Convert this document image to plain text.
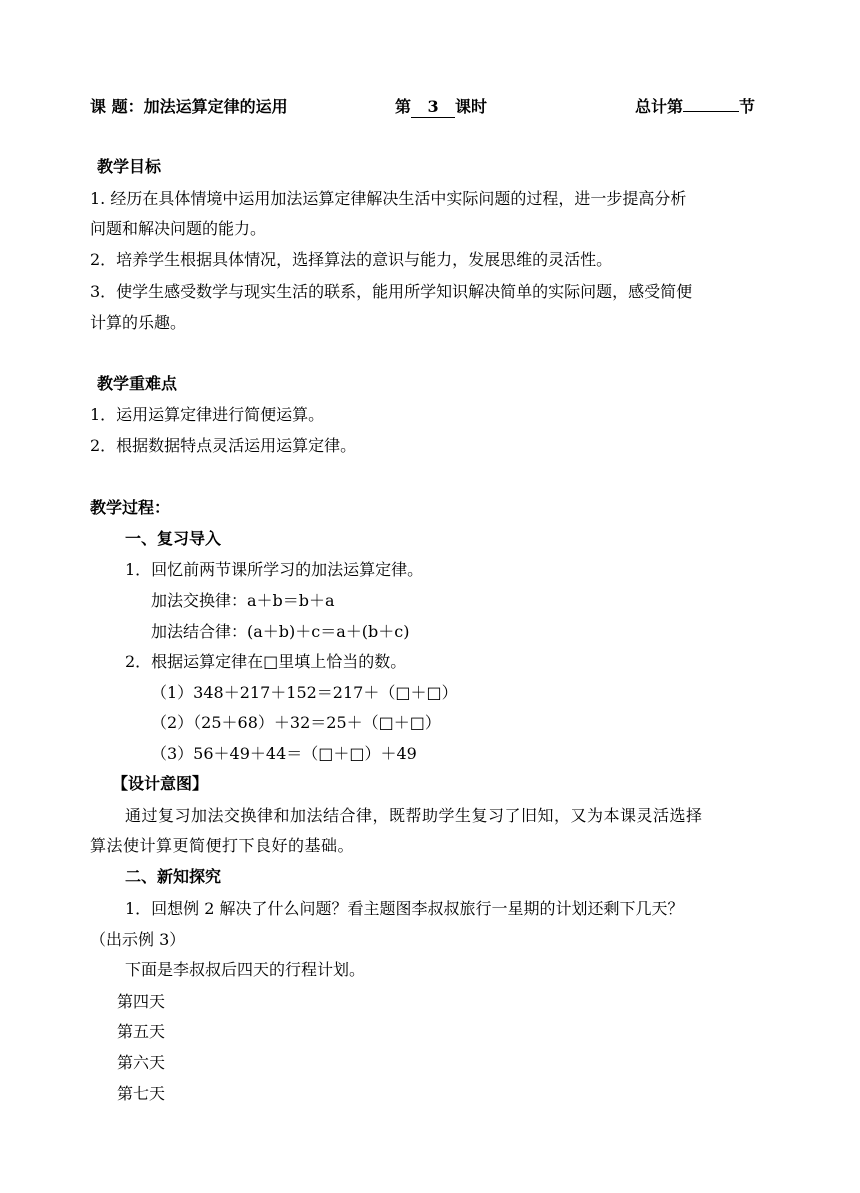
课 题：加法运算定律的运用	第 3 课时	总计第	节
教学目标
1. 经历在具体情境中运用加法运算定律解决生活中实际问题的过程，进一步提高分析
问题和解决问题的能力。
2．培养学生根据具体情况，选择算法的意识与能力，发展思维的灵活性。
3．使学生感受数学与现实生活的联系，能用所学知识解决简单的实际问题，感受简便
计算的乐趣。
教学重难点
1．运用运算定律进行简便运算。
2．根据数据特点灵活运用运算定律。
教学过程：
一、复习导入
1．回忆前两节课所学习的加法运算定律。
加法交换律：a＋b＝b＋a
加法结合律：(a＋b)＋c＝a＋(b＋c)
2．根据运算定律在□里填上恰当的数。
（1）348＋217＋152＝217＋（□＋□）
（2）（25＋68）＋32＝25＋（□＋□）
（3）56＋49＋44＝（□＋□）＋49
【设计意图】
通过复习加法交换律和加法结合律，既帮助学生复习了旧知，又为本课灵活选择
算法使计算更简便打下良好的基础。
二、新知探究
1．回想例 2 解决了什么问题？看主题图李叔叔旅行一星期的计划还剩下几天？
（出示例 3）
下面是李叔叔后四天的行程计划。
第四天
第五天
第六天
第七天
